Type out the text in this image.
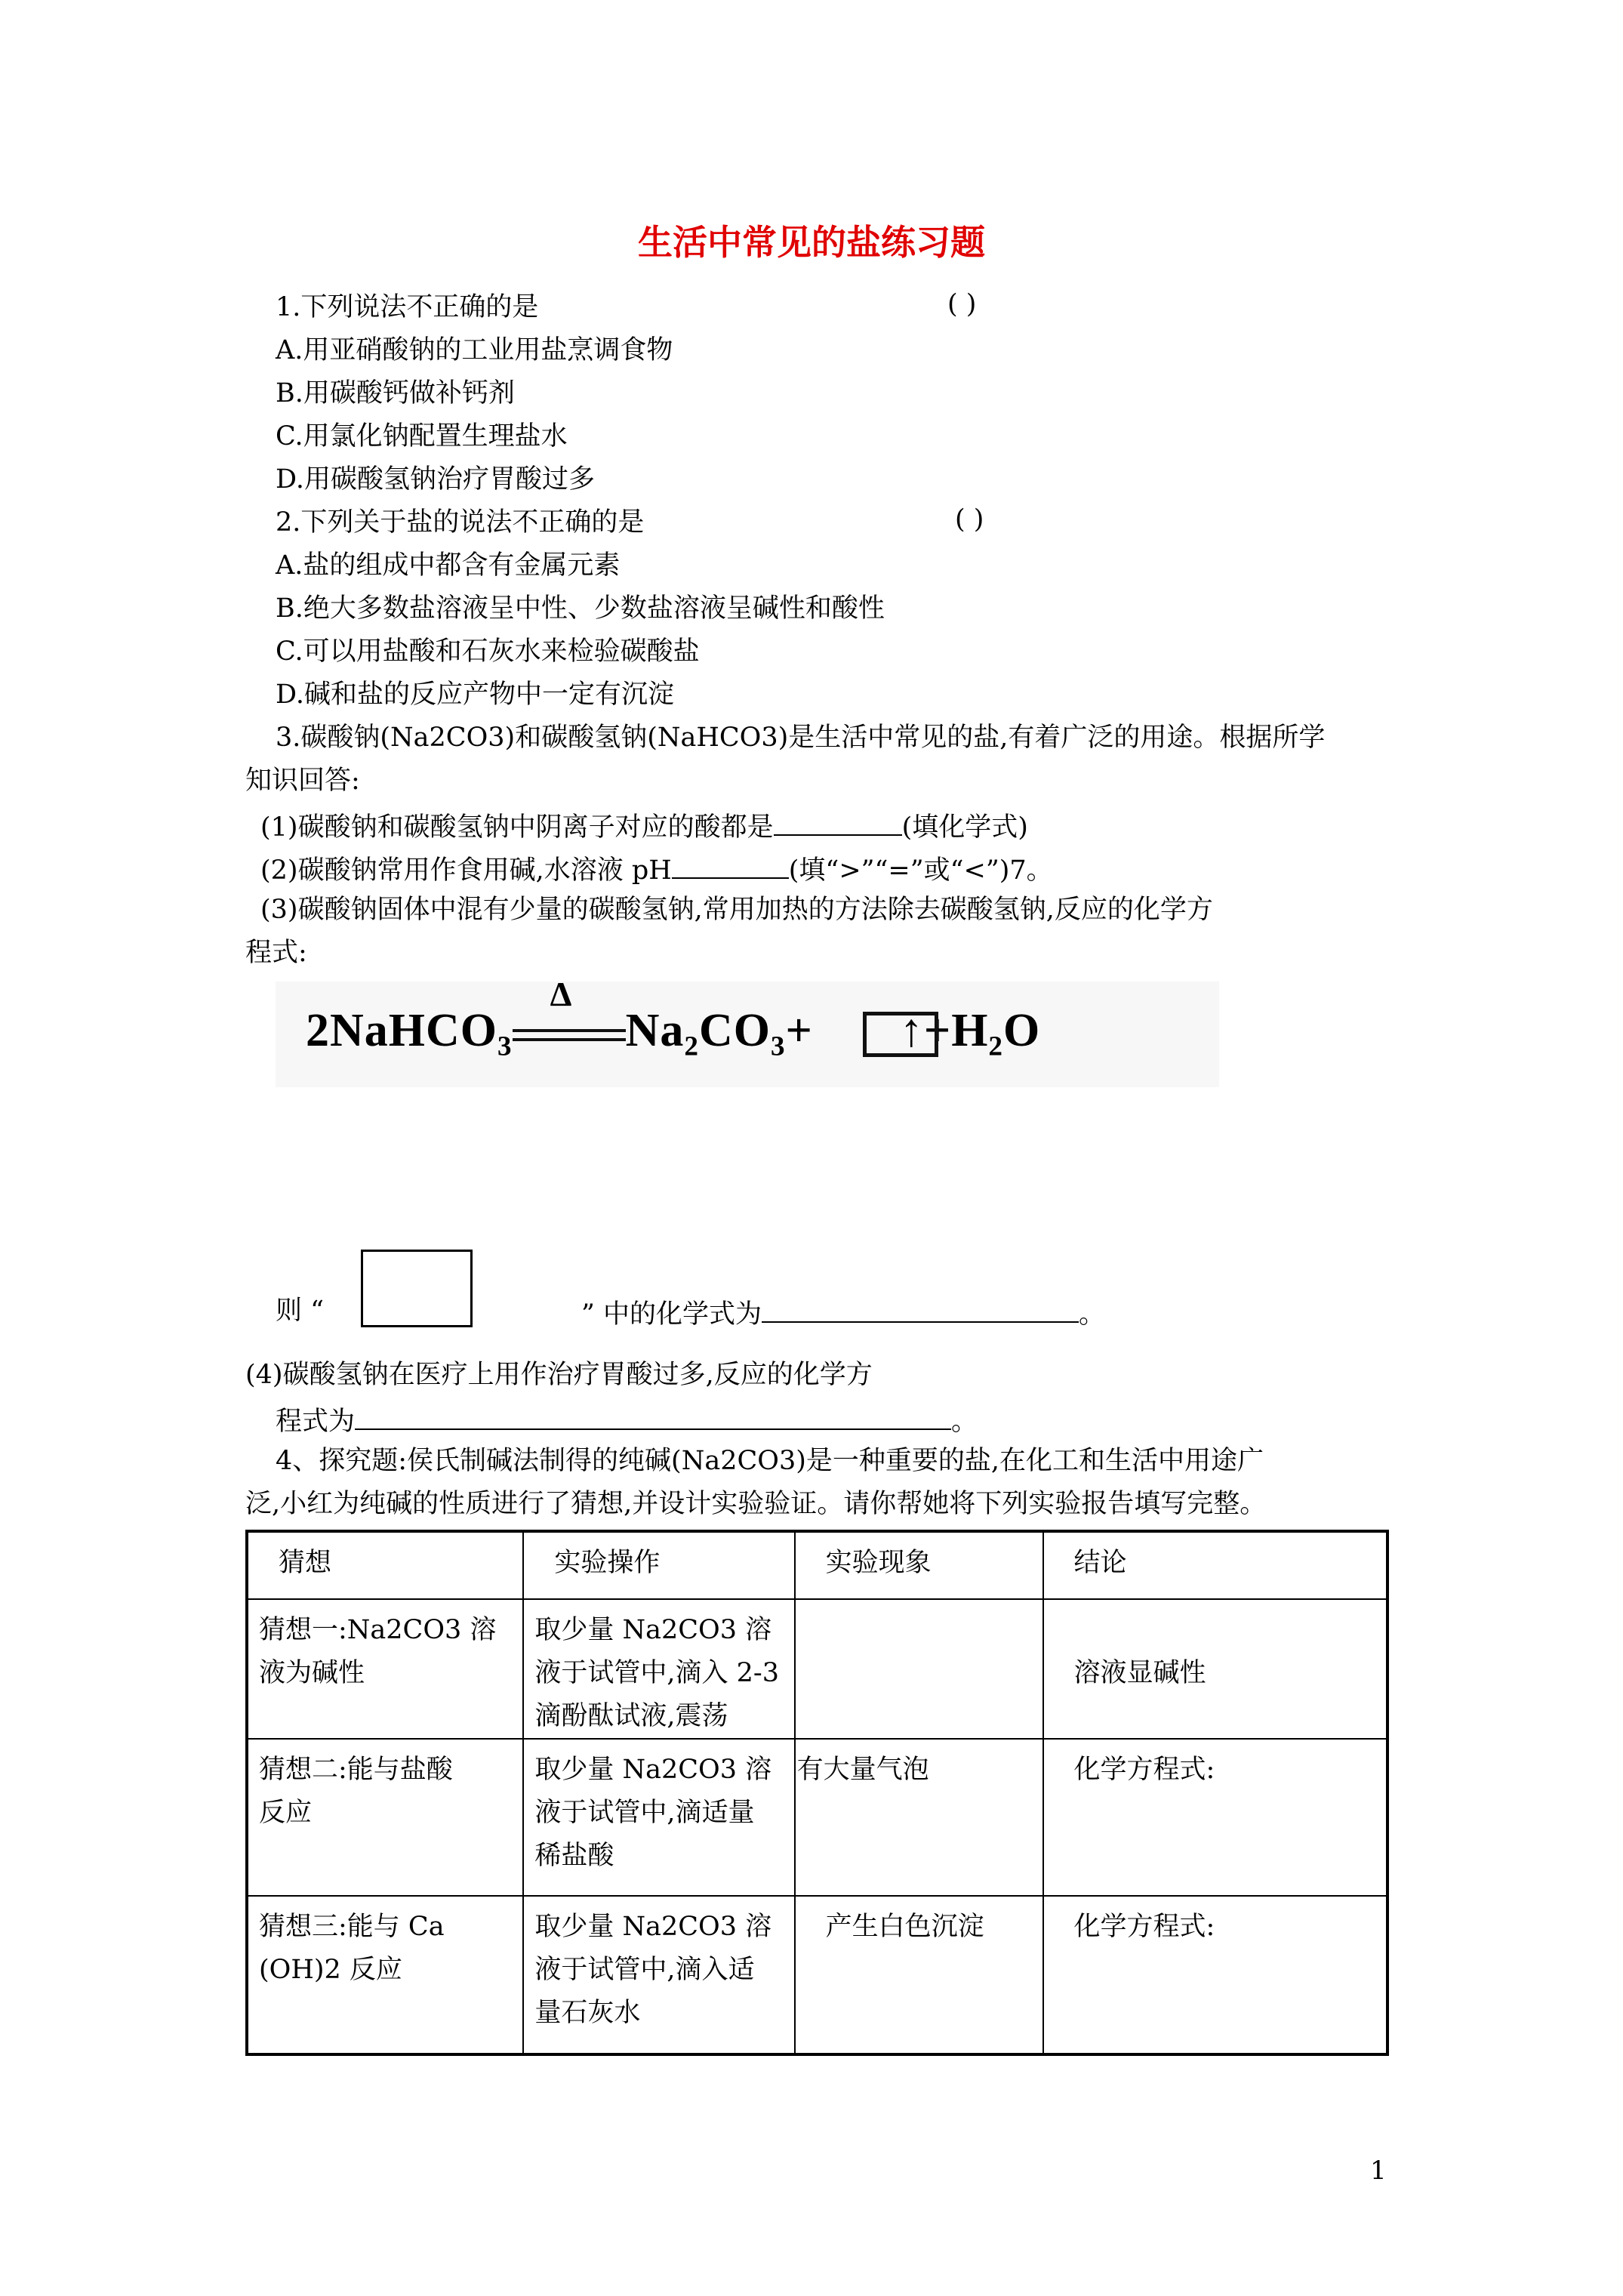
生活中常见的盐练习题
1.下列说法不正确的是	( )
A.用亚硝酸钠的工业用盐烹调食物
B.用碳酸钙做补钙剂
C.用氯化钠配置生理盐水
D.用碳酸氢钠治疗胃酸过多
2.下列关于盐的说法不正确的是	( )
A.盐的组成中都含有金属元素
B.绝大多数盐溶液呈中性、少数盐溶液呈碱性和酸性
C.可以用盐酸和石灰水来检验碳酸盐
D.碱和盐的反应产物中一定有沉淀
3.碳酸钠(Na2CO3)和碳酸氢钠(NaHCO3)是生活中常见的盐,有着广泛的用途。根据所学
知识回答:
(1)碳酸钠和碳酸氢钠中阴离子对应的酸都是	(填化学式)
(2)碳酸钠常用作食用碱,水溶液 pH	(填“>”“=”或“<”)7。
(3)碳酸钠固体中混有少量的碳酸氢钠,常用加热的方法除去碳酸氢钠,反应的化学方
程式:
2NaHCO₃
Δ
Na₂CO₃+ ↑+H₂O
则 “	” 中的化学式为	。
(4)碳酸氢钠在医疗上用作治疗胃酸过多,反应的化学方
程式为	。
4、探究题:侯氏制碱法制得的纯碱(Na2CO3)是一种重要的盐,在化工和生活中用途广
泛,小红为纯碱的性质进行了猜想,并设计实验验证。请你帮她将下列实验报告填写完整。
猜想	实验操作	实验现象	结论
猜想一:Na2CO3 溶
液为碱性	取少量 Na2CO3 溶
液于试管中,滴入 2-3
滴酚酞试液,震荡		溶液显碱性
猜想二:能与盐酸
反应	取少量 Na2CO3 溶
液于试管中,滴适量
稀盐酸	有大量气泡	化学方程式:
猜想三:能与 Ca
(OH)2 反应	取少量 Na2CO3 溶
液于试管中,滴入适
量石灰水	产生白色沉淀	化学方程式:
1
